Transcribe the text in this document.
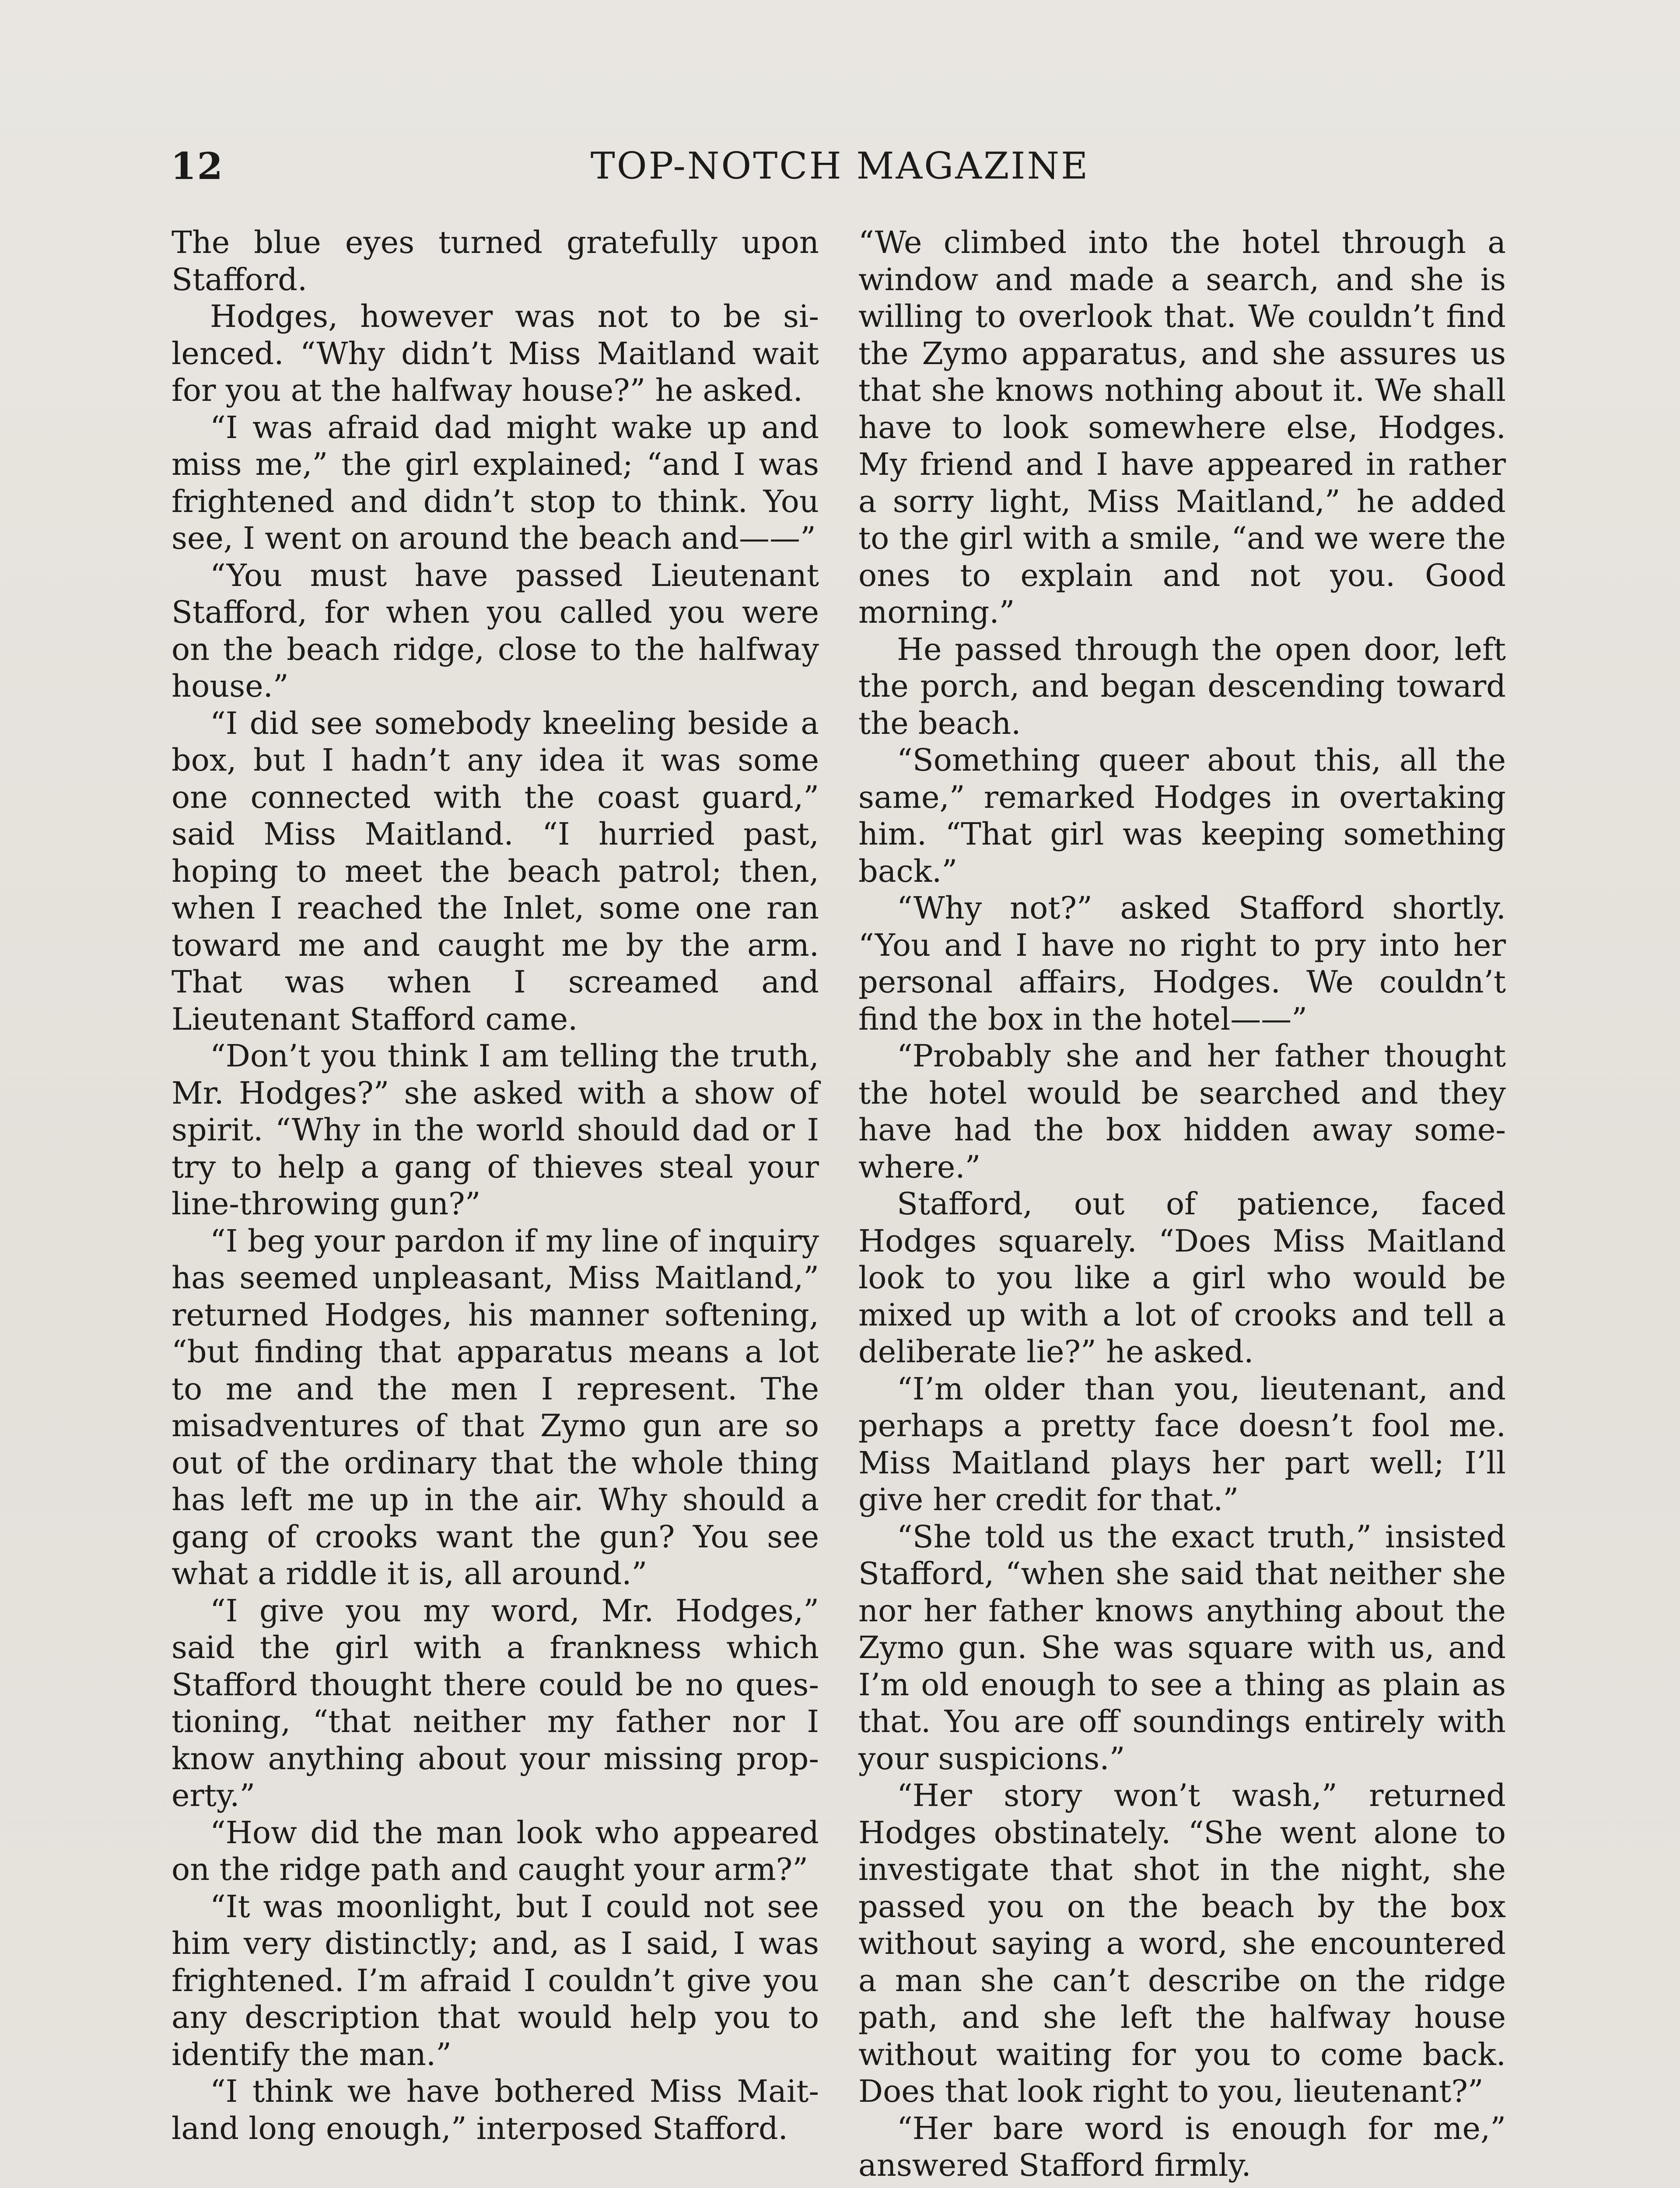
12	TOP-NOTCH MAGAZINE

The blue eyes turned gratefully upon Stafford.

Hodges, however was not to be silenced. “Why didn’t Miss Maitland wait for you at the halfway house?” he asked.

“I was afraid dad might wake up and miss me,” the girl explained; “and I was frightened and didn’t stop to think. You see, I went on around the beach and——”

“You must have passed Lieutenant Stafford, for when you called you were on the beach ridge, close to the halfway house.”

“I did see somebody kneeling beside a box, but I hadn’t any idea it was some one connected with the coast guard,” said Miss Maitland. “I hurried past, hoping to meet the beach patrol; then, when I reached the Inlet, some one ran toward me and caught me by the arm. That was when I screamed and Lieutenant Stafford came.

“Don’t you think I am telling the truth, Mr. Hodges?” she asked with a show of spirit. “Why in the world should dad or I try to help a gang of thieves steal your line-throwing gun?”

“I beg your pardon if my line of inquiry has seemed unpleasant, Miss Maitland,” returned Hodges, his manner softening, “but finding that apparatus means a lot to me and the men I represent. The misadventures of that Zymo gun are so out of the ordinary that the whole thing has left me up in the air. Why should a gang of crooks want the gun? You see what a riddle it is, all around.”

“I give you my word, Mr. Hodges,” said the girl with a frankness which Stafford thought there could be no questioning, “that neither my father nor I know anything about your missing property.”

“How did the man look who appeared on the ridge path and caught your arm?”

“It was moonlight, but I could not see him very distinctly; and, as I said, I was frightened. I’m afraid I couldn’t give you any description that would help you to identify the man.”

“I think we have bothered Miss Maitland long enough,” interposed Stafford.

“We climbed into the hotel through a window and made a search, and she is willing to overlook that. We couldn’t find the Zymo apparatus, and she assures us that she knows nothing about it. We shall have to look somewhere else, Hodges. My friend and I have appeared in rather a sorry light, Miss Maitland,” he added to the girl with a smile, “and we were the ones to explain and not you. Good morning.”

He passed through the open door, left the porch, and began descending toward the beach.

“Something queer about this, all the same,” remarked Hodges in overtaking him. “That girl was keeping something back.”

“Why not?” asked Stafford shortly. “You and I have no right to pry into her personal affairs, Hodges. We couldn’t find the box in the hotel——”

“Probably she and her father thought the hotel would be searched and they have had the box hidden away somewhere.”

Stafford, out of patience, faced Hodges squarely. “Does Miss Maitland look to you like a girl who would be mixed up with a lot of crooks and tell a deliberate lie?” he asked.

“I’m older than you, lieutenant, and perhaps a pretty face doesn’t fool me. Miss Maitland plays her part well; I’ll give her credit for that.”

“She told us the exact truth,” insisted Stafford, “when she said that neither she nor her father knows anything about the Zymo gun. She was square with us, and I’m old enough to see a thing as plain as that. You are off soundings entirely with your suspicions.”

“Her story won’t wash,” returned Hodges obstinately. “She went alone to investigate that shot in the night, she passed you on the beach by the box without saying a word, she encountered a man she can’t describe on the ridge path, and she left the halfway house without waiting for you to come back. Does that look right to you, lieutenant?”

“Her bare word is enough for me,” answered Stafford firmly.
